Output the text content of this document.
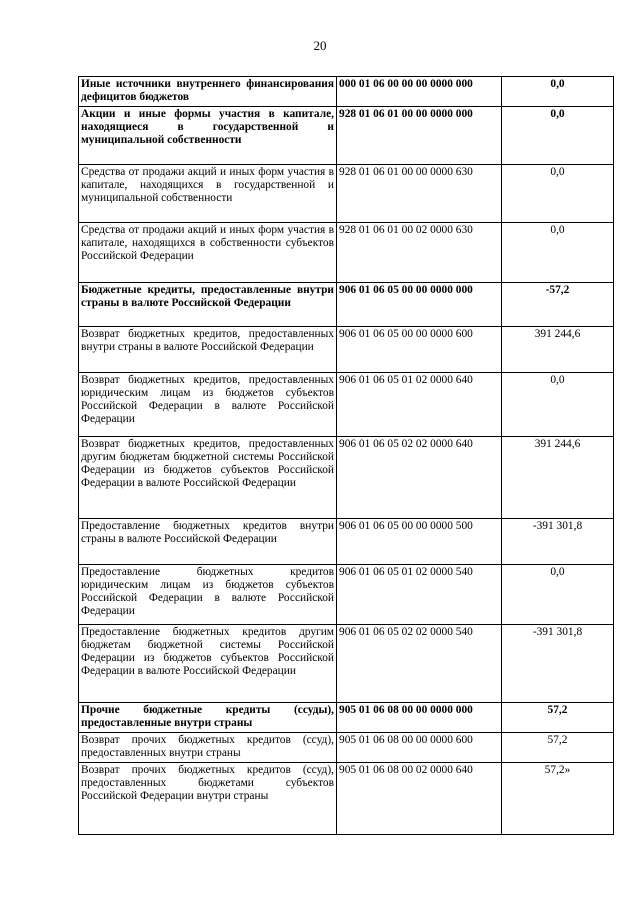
20
Иные источники внутреннего финансирования дефицитов бюджетов	000 01 06 00 00 00 0000 000	0,0
Акции и иные формы участия в капитале, находящиеся в государственной и муниципальной собственности	928 01 06 01 00 00 0000 000	0,0
Средства от продажи акций и иных форм участия в капитале, находящихся в государственной и муниципальной собственности	928 01 06 01 00 00 0000 630	0,0
Средства от продажи акций и иных форм участия в капитале, находящихся в собственности субъектов Российской Федерации	928 01 06 01 00 02 0000 630	0,0
Бюджетные кредиты, предоставленные внутри страны в валюте Российской Федерации	906 01 06 05 00 00 0000 000	-57,2
Возврат бюджетных кредитов, предоставленных внутри страны в валюте Российской Федерации	906 01 06 05 00 00 0000 600	391 244,6
Возврат бюджетных кредитов, предоставленных юридическим лицам из бюджетов субъектов Российской Федерации в валюте Российской Федерации	906 01 06 05 01 02 0000 640	0,0
Возврат бюджетных кредитов, предоставленных другим бюджетам бюджетной системы Российской Федерации из бюджетов субъектов Российской Федерации в валюте Российской Федерации	906 01 06 05 02 02 0000 640	391 244,6
Предоставление бюджетных кредитов внутри страны в валюте Российской Федерации	906 01 06 05 00 00 0000 500	-391 301,8
Предоставление бюджетных кредитов юридическим лицам из бюджетов субъектов Российской Федерации в валюте Российской Федерации	906 01 06 05 01 02 0000 540	0,0
Предоставление бюджетных кредитов другим бюджетам бюджетной системы Российской Федерации из бюджетов субъектов Российской Федерации в валюте Российской Федерации	906 01 06 05 02 02 0000 540	-391 301,8
Прочие бюджетные кредиты (ссуды), предоставленные внутри страны	905 01 06 08 00 00 0000 000	57,2
Возврат прочих бюджетных кредитов (ссуд), предоставленных внутри страны	905 01 06 08 00 00 0000 600	57,2
Возврат прочих бюджетных кредитов (ссуд), предоставленных бюджетами субъектов Российской Федерации внутри страны	905 01 06 08 00 02 0000 640	57,2»
